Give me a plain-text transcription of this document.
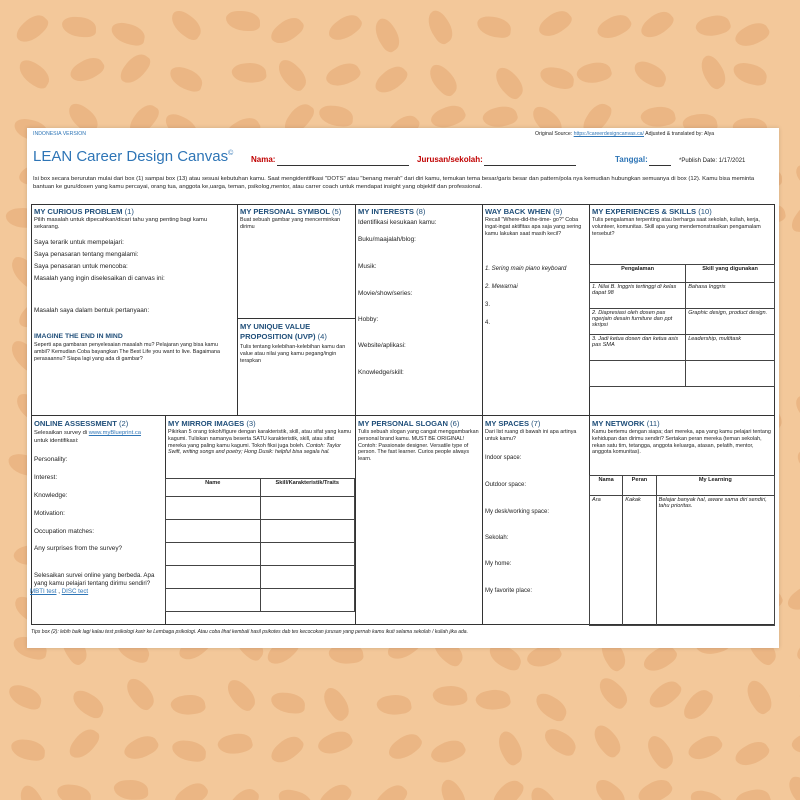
INDONESIA VERSION	Original Source: https://careerdesigncanvas.ca/ Adjusted & translated by: Alya
LEAN Career Design Canvas©
Nama:	Jurusan/sekolah:	Tanggal:	*Publish Date: 1/17/2021
Isi box secara berurutan mulai dari box (1) sampai box (13) atau sesuai kebutuhan kamu. Saat mengidentifikasi "DOTS" atau "benang merah" dari diri kamu, temukan tema besar/garis besar dan pattern/pola nya kemudian hubungkan semuanya di box (12). Kamu bisa meminta bantuan ke guru/dosen yang kamu percayai, orang tua, anggota ke,uarga, teman, psikolog,mentor, atau carrer coach untuk mendapat insight yang objektif dan professional.
MY CURIOUS PROBLEM (1)
Pilih masalah untuk dipecahkan/dicari tahu yang penting bagi kamu sekarang.
Saya terarik untuk mempelajari:
Saya penasaran tentang mengalami:
Saya penasaran untuk mencoba:
Masalah yang ingin diselesaikan di canvas ini:
Masalah saya dalam bentuk pertanyaan:
IMAGINE THE END IN MIND
Seperti apa gambaran penyelesaian masalah mu? Pelajaran yang bisa kamu ambil? Kemudian Coba bayangkan The Best Life you want to live. Bagaimana perasaannu? Siapa lagi yang ada di gambar?
MY PERSONAL SYMBOL (5)
Buat sebuah gambar yang mencerminkan dirimu
MY UNIQUE VALUE PROPOSITION (UVP) (4)
Tulis tentang kelebihan-kelebihan kamu dan value atau nilai yang kamu pegang/ingin terapkan
MY INTERESTS (8)
Identifikasi kesukaan kamu:
Buku/maajalah/blog:
Musik:
Movie/show/series:
Hobby:
Website/aplikasi:
Knowledge/skill:
WAY BACK WHEN (9)
Recall "Where-did-the-time- go?" Coba ingat-ingat aktifitas apa saja yang sering kamu lakukan saat masih kecil?
1. Sering main piano keyboard
2. Mewarnai
3.
4.
MY EXPERIENCES & SKILLS (10)
Tulis pengalaman terpenting atau berharga saat sekolah, kuliah, kerja, volunteer, komunitas. Skill apa yang mendemonstrasikan pengamalam tersebut?
Pengalaman	Skill yang digunakan
1. Nilai B. Inggris tertinggi di kelas dapat 98	Bahasa Inggris
2. Diapresiasi oleh dosen pas ngerjain desain furniture dan ppt skripsi	Graphic design, product design.
3. Jadi ketua dosen dan ketua asis pas SMA	Leadership, multitask

ONLINE ASSESSMENT (2)
Selesaikan survey di www.myBlueprint.ca
untuk identifikasi:
Personality:
Interest:
Knowledge:
Motivation:
Occupation matches:
Any surprises from the survey?
Selesaikan survei online yang berbeda. Apa yang kamu pelajari tentang dirimu sendiri?
MBTI test , DISC tect
MY MIRROR IMAGES (3)
Pikirkan 5 orang tokoh/figure dengan karakteristik, skill, atau sifat yang kamu kagumi. Tuliskan namanya beserta SATU karakteristik, skill, atau sifat mereka yang paling kamu kagumi. Tokoh fiksi juga boleh. Contoh: Taylor Swift, writing songs and poetry; Hong Dusik: helpful bisa segala hal.
Name	Skill/Karakteristik/Traits

MY PERSONAL SLOGAN (6)
Tulis sebuah slogan yang cangat menggambarkan personal brand kamu. MUST BE ORIGINAL! Contoh: Passionate designer. Versatile type of person. The fast learner. Curios people always learn.
MY SPACES (7)
Dari list ruang di bawah ini apa artinya untuk kamu?
Indoor space:
Outdoor space:
My desk/working space:
Sekolah:
My home:
My favorite place:
MY NETWORK (11)
Kamu bertemu dengan siapa; dari mereka, apa yang kamu pelajari tentang kehidupan dan dirimu sendiri? Sertakan peran mereka (teman sekolah, rekan satu tim, tetangga, anggota keluarga, atasan, pelatih, mentor, anggota komunitas).
Nama	Peran	My Learning
Ara	Kakak	Belajar banyak hal, aware sama diri sendiri, tahu prioritas.
Tips box (2): lebih baik lagi kalau test psikologi karir ke Lembaga psikologi. Atau coba lihat kembali hasil psikotes dab tes kecocokan jurusan yang pernah kamu ikuti selama sekolah / kuliah jika ada.
